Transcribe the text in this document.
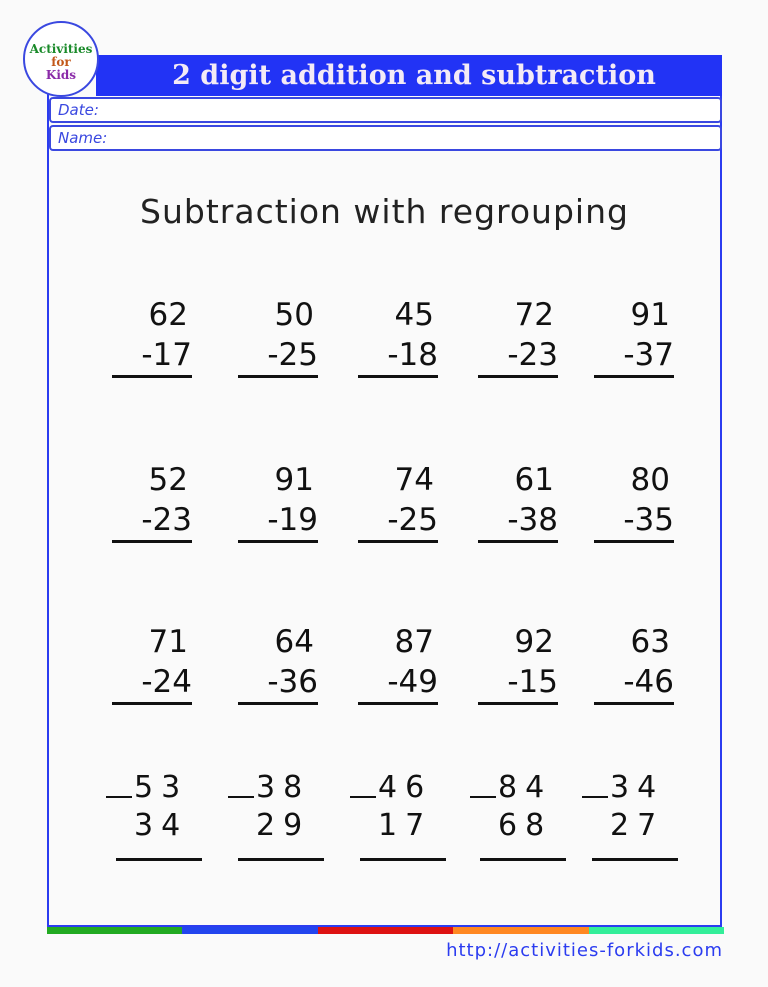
2 digit addition and subtraction
Activities
for
Kids
Date:
Name:
Subtraction with regrouping
62
-17
50
-25
45
-18
72
-23
91
-37
52
-23
91
-19
74
-25
61
-38
80
-35
71
-24
64
-36
87
-49
92
-15
63
-46
53
34
38
29
46
17
84
68
34
27
http://activities-forkids.com
